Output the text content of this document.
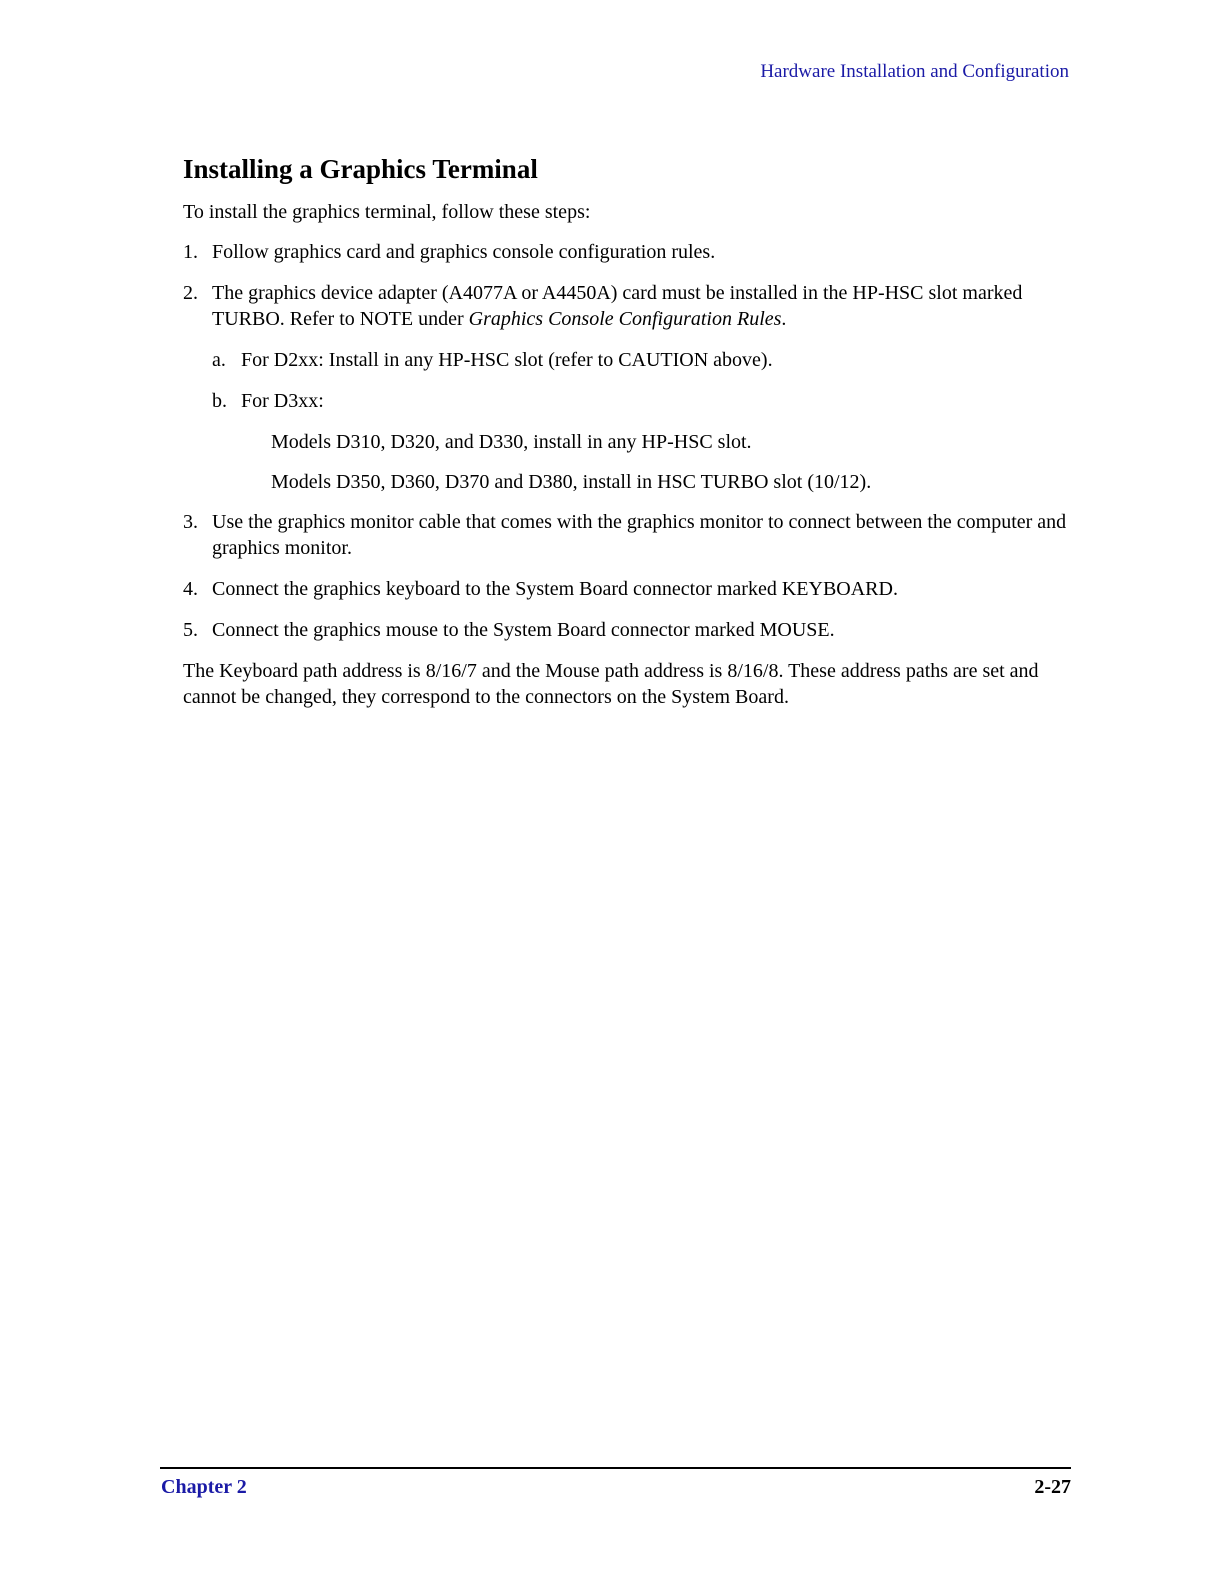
Hardware Installation and Configuration
Installing a Graphics Terminal

To install the graphics terminal, follow these steps:

1. Follow graphics card and graphics console configuration rules.
2. The graphics device adapter (A4077A or A4450A) card must be installed in the HP-HSC slot marked TURBO. Refer to NOTE under Graphics Console Configuration Rules.
a. For D2xx: Install in any HP-HSC slot (refer to CAUTION above).
b. For D3xx:
Models D310, D320, and D330, install in any HP-HSC slot.
Models D350, D360, D370 and D380, install in HSC TURBO slot (10/12).
3. Use the graphics monitor cable that comes with the graphics monitor to connect between the computer and graphics monitor.
4. Connect the graphics keyboard to the System Board connector marked KEYBOARD.
5. Connect the graphics mouse to the System Board connector marked MOUSE.

The Keyboard path address is 8/16/7 and the Mouse path address is 8/16/8. These address paths are set and cannot be changed, they correspond to the connectors on the System Board.

Chapter 2	2-27
